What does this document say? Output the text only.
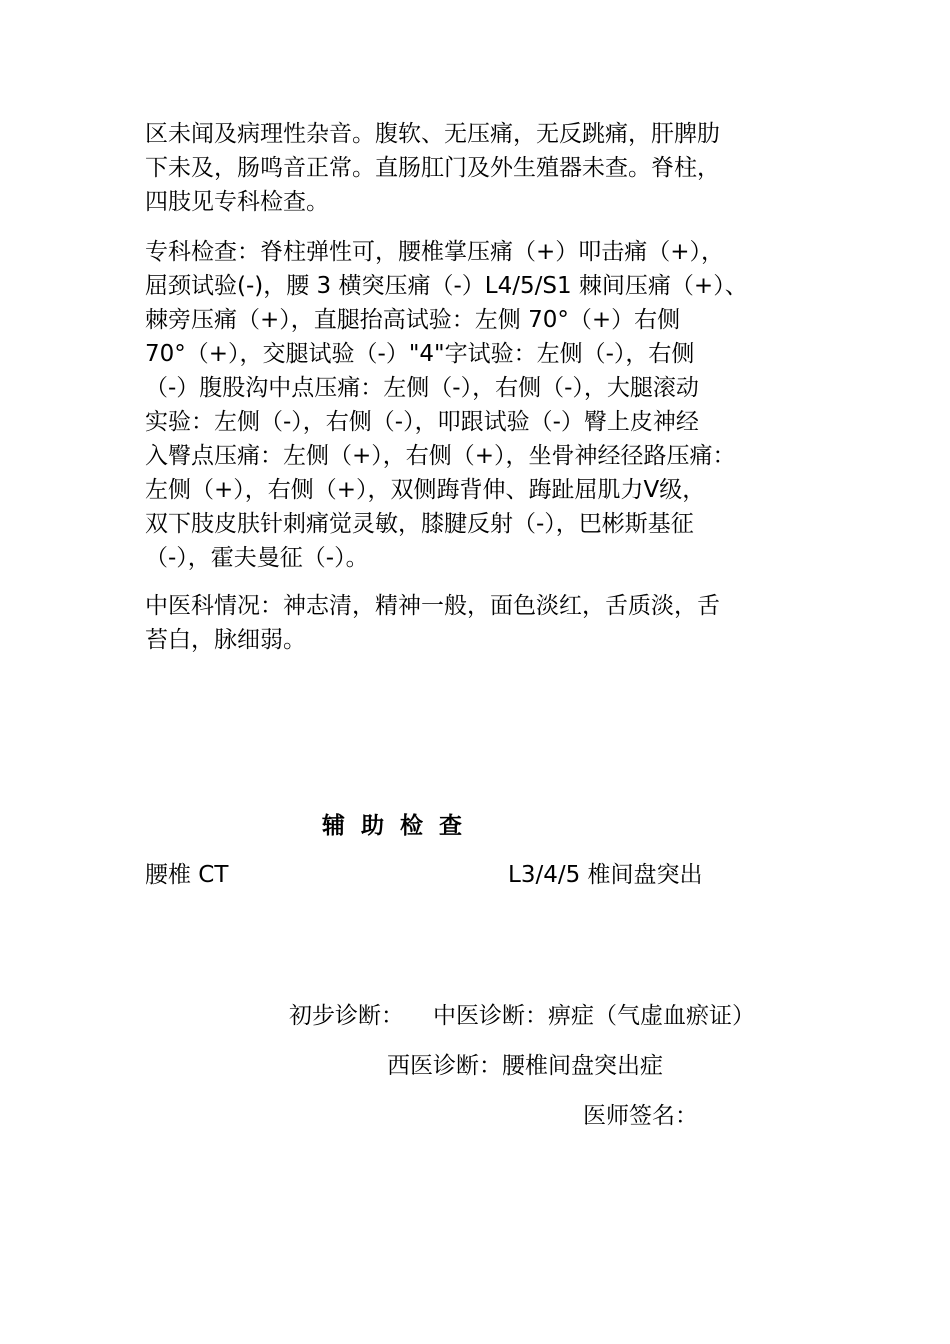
区未闻及病理性杂音。腹软、无压痛，无反跳痛，肝脾肋
下未及，肠鸣音正常。直肠肛门及外生殖器未查。脊柱，
四肢见专科检查。

专科检查：脊柱弹性可，腰椎掌压痛（+）叩击痛（+），
屈颈试验(-)，腰 3 横突压痛（-）L4/5/S1 棘间压痛（+）、
棘旁压痛（+），直腿抬高试验：左侧 70°（+）右侧
70°（+），交腿试验（-）"4"字试验：左侧（-），右侧
（-）腹股沟中点压痛：左侧（-），右侧（-），大腿滚动
实验：左侧（-），右侧（-），叩跟试验（-）臀上皮神经
入臀点压痛：左侧（+），右侧（+），坐骨神经径路压痛：
左侧（+），右侧（+），双侧踇背伸、踇趾屈肌力Ⅴ级，
双下肢皮肤针刺痛觉灵敏，膝腱反射（-），巴彬斯基征
（-），霍夫曼征（-）。

中医科情况：神志清，精神一般，面色淡红，舌质淡，舌
苔白，脉细弱。

辅助检查
腰椎 CT	L3/4/5 椎间盘突出
初步诊断： 中医诊断：痹症（气虚血瘀证）
西医诊断：腰椎间盘突出症
医师签名：
